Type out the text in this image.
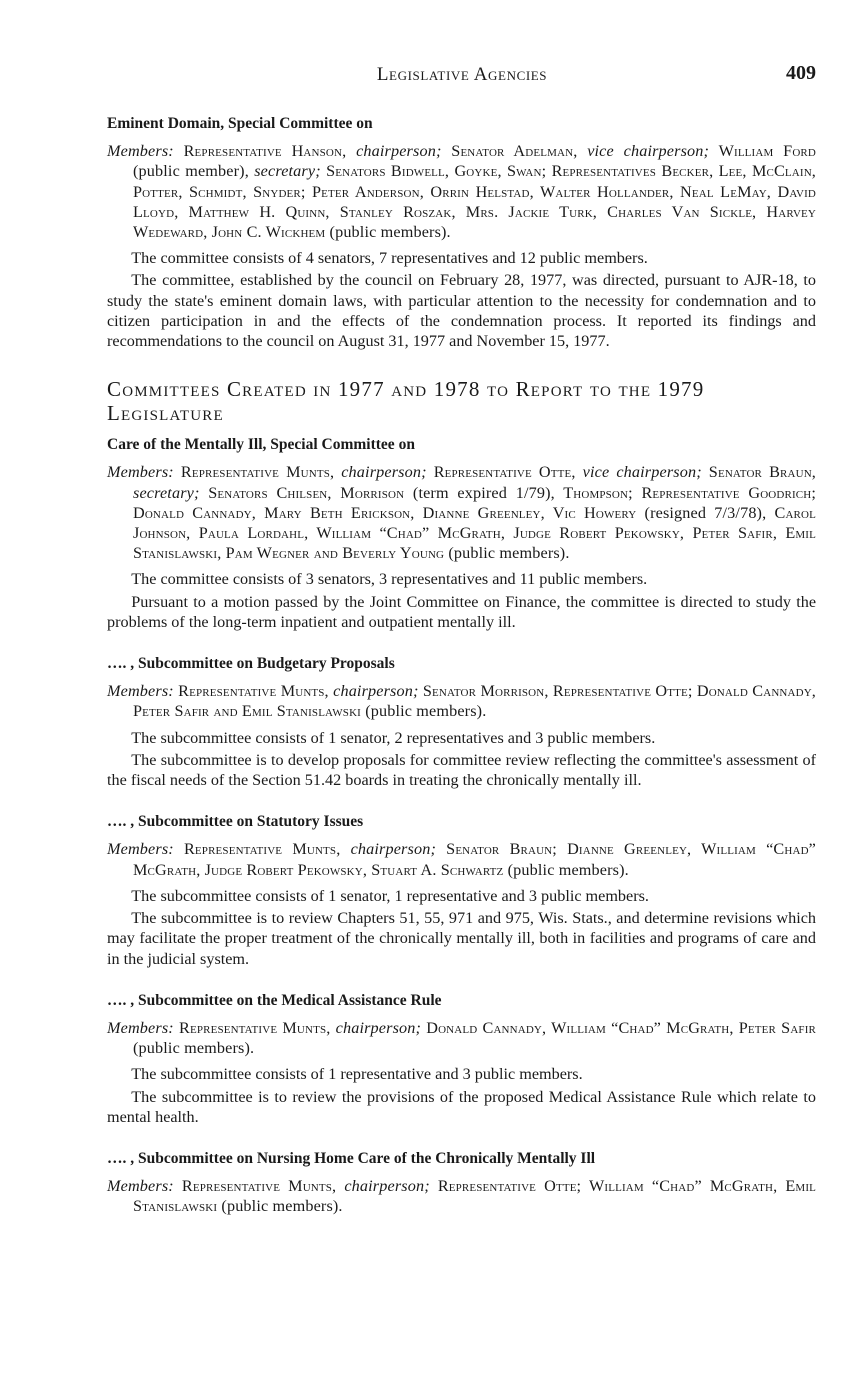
Legislative Agencies	409
Eminent Domain, Special Committee on
Members: Representative Hanson, chairperson; Senator Adelman, vice chairperson; William Ford (public member), secretary; Senators Bidwell, Goyke, Swan; Representatives Becker, Lee, McClain, Potter, Schmidt, Snyder; Peter Anderson, Orrin Helstad, Walter Hollander, Neal LeMay, David Lloyd, Matthew H. Quinn, Stanley Roszak, Mrs. Jackie Turk, Charles Van Sickle, Harvey Wedeward, John C. Wickhem (public members).

  The committee consists of 4 senators, 7 representatives and 12 public members.

  The committee, established by the council on February 28, 1977, was directed, pursuant to AJR-18, to study the state's eminent domain laws, with particular attention to the necessity for condemnation and to citizen participation in and the effects of the condemnation process. It reported its findings and recommendations to the council on August 31, 1977 and November 15, 1977.

Committees Created in 1977 and 1978 to Report to the 1979 Legislature
Care of the Mentally Ill, Special Committee on
Members: Representative Munts, chairperson; Representative Otte, vice chairperson; Senator Braun, secretary; Senators Chilsen, Morrison (term expired 1/79), Thompson; Representative Goodrich; Donald Cannady, Mary Beth Erickson, Dianne Greenley, Vic Howery (resigned 7/3/78), Carol Johnson, Paula Lordahl, William “Chad” McGrath, Judge Robert Pekowsky, Peter Safir, Emil Stanislawski, Pam Wegner and Beverly Young (public members).

  The committee consists of 3 senators, 3 representatives and 11 public members.

  Pursuant to a motion passed by the Joint Committee on Finance, the committee is directed to study the problems of the long-term inpatient and outpatient mentally ill.

…. , Subcommittee on Budgetary Proposals
Members: Representative Munts, chairperson; Senator Morrison, Representative Otte; Donald Cannady, Peter Safir and Emil Stanislawski (public members).

  The subcommittee consists of 1 senator, 2 representatives and 3 public members.

  The subcommittee is to develop proposals for committee review reflecting the committee's assessment of the fiscal needs of the Section 51.42 boards in treating the chronically mentally ill.

…. , Subcommittee on Statutory Issues
Members: Representative Munts, chairperson; Senator Braun; Dianne Greenley, William “Chad” McGrath, Judge Robert Pekowsky, Stuart A. Schwartz (public members).

  The subcommittee consists of 1 senator, 1 representative and 3 public members.

  The subcommittee is to review Chapters 51, 55, 971 and 975, Wis. Stats., and determine revisions which may facilitate the proper treatment of the chronically mentally ill, both in facilities and programs of care and in the judicial system.

…. , Subcommittee on the Medical Assistance Rule
Members: Representative Munts, chairperson; Donald Cannady, William “Chad” McGrath, Peter Safir (public members).

  The subcommittee consists of 1 representative and 3 public members.

  The subcommittee is to review the provisions of the proposed Medical Assistance Rule which relate to mental health.

…. , Subcommittee on Nursing Home Care of the Chronically Mentally Ill
Members: Representative Munts, chairperson; Representative Otte; William “Chad” McGrath, Emil Stanislawski (public members).
